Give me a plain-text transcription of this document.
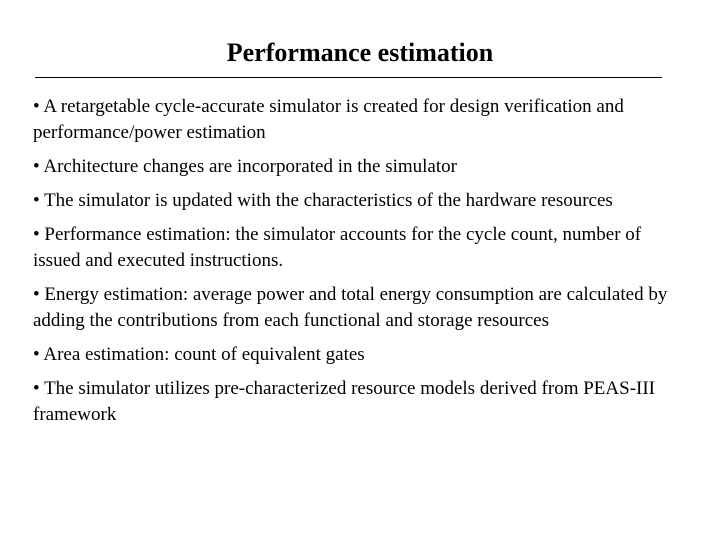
Performance estimation
• A retargetable cycle-accurate simulator is created for design verification and performance/power estimation
• Architecture changes are incorporated in the simulator
• The simulator is updated with the characteristics of the hardware resources
• Performance estimation: the simulator accounts for the cycle count, number of issued and executed instructions.
• Energy estimation: average power and total energy consumption are calculated by adding the contributions from each functional and storage resources
• Area estimation: count of equivalent gates
• The simulator utilizes pre-characterized resource models derived from PEAS-III framework
